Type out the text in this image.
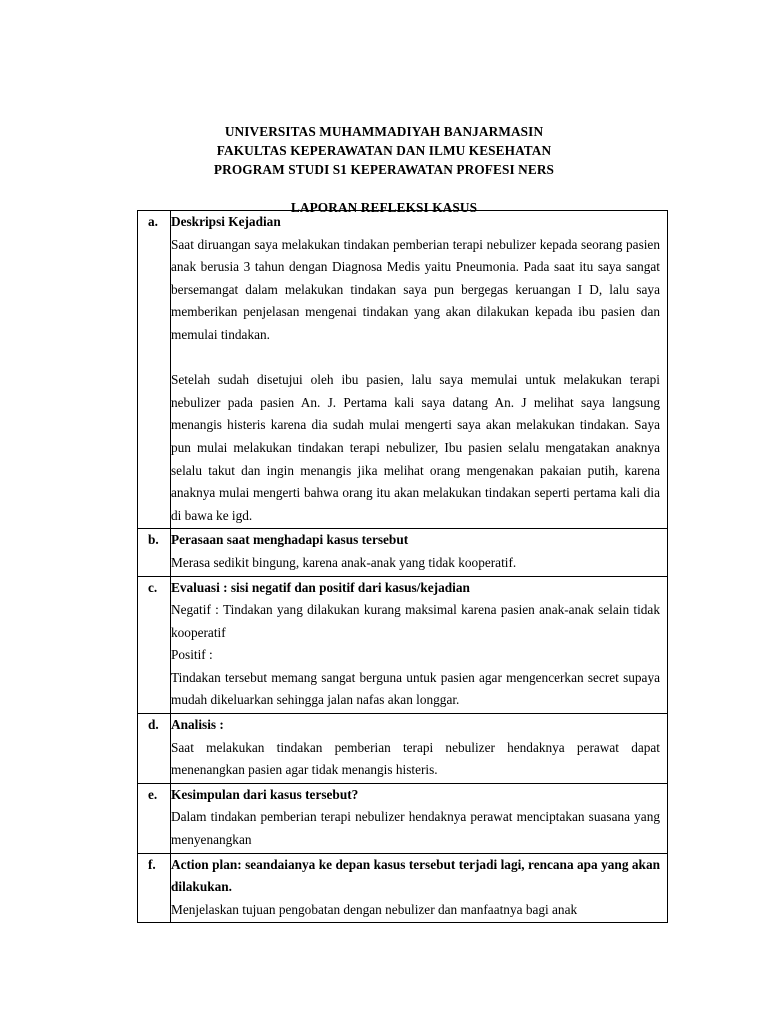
UNIVERSITAS MUHAMMADIYAH BANJARMASIN
FAKULTAS KEPERAWATAN DAN ILMU KESEHATAN
PROGRAM STUDI S1 KEPERAWATAN PROFESI NERS
LAPORAN REFLEKSI KASUS
a.	Deskripsi Kejadian
Saat diruangan saya melakukan tindakan pemberian terapi nebulizer kepada seorang pasien anak berusia 3 tahun dengan Diagnosa Medis yaitu Pneumonia. Pada saat itu saya sangat bersemangat dalam melakukan tindakan saya pun bergegas keruangan I D, lalu saya memberikan penjelasan mengenai tindakan yang akan dilakukan kepada ibu pasien dan memulai tindakan.
Setelah sudah disetujui oleh ibu pasien, lalu saya memulai untuk melakukan terapi nebulizer pada pasien An. J. Pertama kali saya datang An. J melihat saya langsung menangis histeris karena dia sudah mulai mengerti saya akan melakukan tindakan. Saya pun mulai melakukan tindakan terapi nebulizer, Ibu pasien selalu mengatakan anaknya selalu takut dan ingin menangis jika melihat orang mengenakan pakaian putih, karena anaknya mulai mengerti bahwa orang itu akan melakukan tindakan seperti pertama kali dia di bawa ke igd.

b.	Perasaan saat menghadapi kasus tersebut
Merasa sedikit bingung, karena anak-anak yang tidak kooperatif.

c.	Evaluasi : sisi negatif dan positif dari kasus/kejadian
Negatif : Tindakan yang dilakukan kurang maksimal karena pasien anak-anak selain tidak kooperatif
Positif :
Tindakan tersebut memang sangat berguna untuk pasien agar mengencerkan secret supaya mudah dikeluarkan sehingga jalan nafas akan longgar.

d.	Analisis :
Saat melakukan tindakan pemberian terapi nebulizer hendaknya perawat dapat menenangkan pasien agar tidak menangis histeris.

e.	Kesimpulan dari kasus tersebut?
Dalam tindakan pemberian terapi nebulizer hendaknya perawat menciptakan suasana yang menyenangkan

f.	Action plan: seandaianya ke depan kasus tersebut terjadi lagi, rencana apa yang akan dilakukan.
Menjelaskan tujuan pengobatan dengan nebulizer dan manfaatnya bagi anak
